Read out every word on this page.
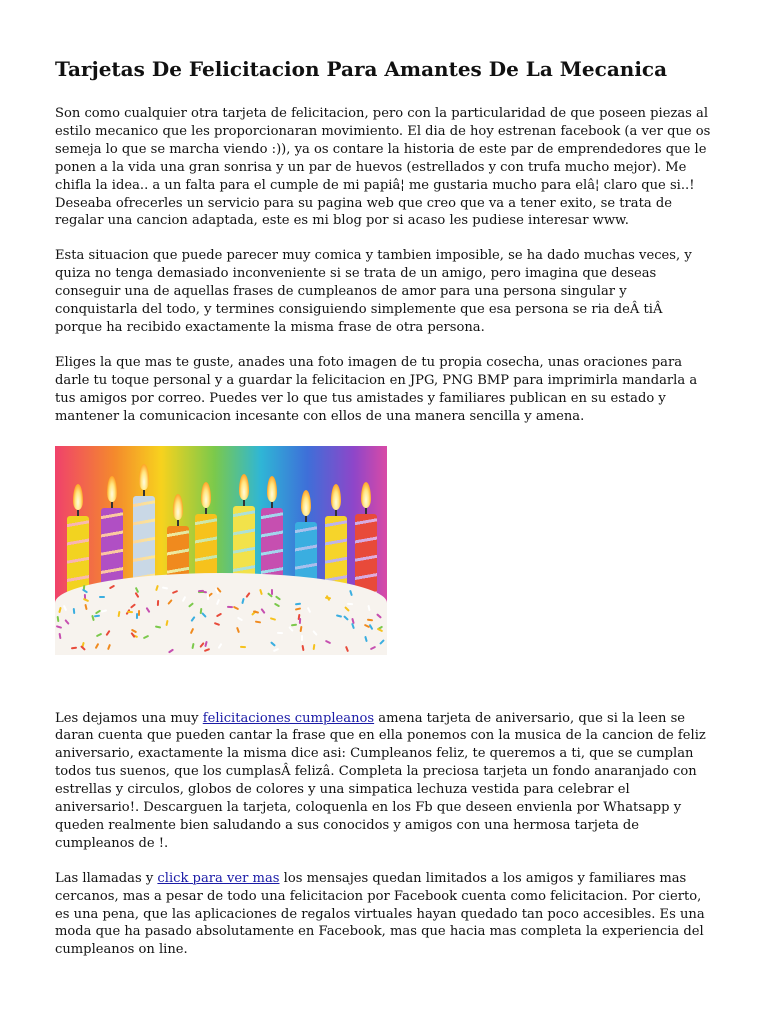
Tarjetas De Felicitacion Para Amantes De La Mecanica

Son como cualquier otra tarjeta de felicitacion, pero con la particularidad de que poseen piezas al estilo mecanico que les proporcionaran movimiento. El dia de hoy estrenan facebook (a ver que os semeja lo que se marcha viendo :)), ya os contare la historia de este par de emprendedores que le ponen a la vida una gran sonrisa y un par de huevos (estrellados y con trufa mucho mejor). Me chifla la idea.. a un falta para el cumple de mi papiâ¦ me gustaria mucho para elâ¦ claro que si..! Deseaba ofrecerles un servicio para su pagina web que creo que va a tener exito, se trata de regalar una cancion adaptada, este es mi blog por si acaso les pudiese interesar www.

Esta situacion que puede parecer muy comica y tambien imposible, se ha dado muchas veces, y quiza no tenga demasiado inconveniente si se trata de un amigo, pero imagina que deseas conseguir una de aquellas frases de cumpleanos de amor para una persona singular y conquistarla del todo, y termines consiguiendo simplemente que esa persona se ria deÂ tiÂ porque ha recibido exactamente la misma frase de otra persona.

Eliges la que mas te guste, anades una foto imagen de tu propia cosecha, unas oraciones para darle tu toque personal y a guardar la felicitacion en JPG, PNG BMP para imprimirla mandarla a tus amigos por correo. Puedes ver lo que tus amistades y familiares publican en su estado y mantener la comunicacion incesante con ellos de una manera sencilla y amena.

Les dejamos una muy felicitaciones cumpleanos amena tarjeta de aniversario, que si la leen se daran cuenta que pueden cantar la frase que en ella ponemos con la musica de la cancion de feliz aniversario, exactamente la misma dice asi: Cumpleanos feliz, te queremos a ti, que se cumplan todos tus suenos, que los cumplasÂ felizâ. Completa la preciosa tarjeta un fondo anaranjado con estrellas y circulos, globos de colores y una simpatica lechuza vestida para celebrar el aniversario!. Descarguen la tarjeta, coloquenla en los Fb que deseen envienla por Whatsapp y queden realmente bien saludando a sus conocidos y amigos con una hermosa tarjeta de cumpleanos de !.

Las llamadas y click para ver mas los mensajes quedan limitados a los amigos y familiares mas cercanos, mas a pesar de todo una felicitacion por Facebook cuenta como felicitacion. Por cierto, es una pena, que las aplicaciones de regalos virtuales hayan quedado tan poco accesibles. Es una moda que ha pasado absolutamente en Facebook, mas que hacia mas completa la experiencia del cumpleanos on line.
